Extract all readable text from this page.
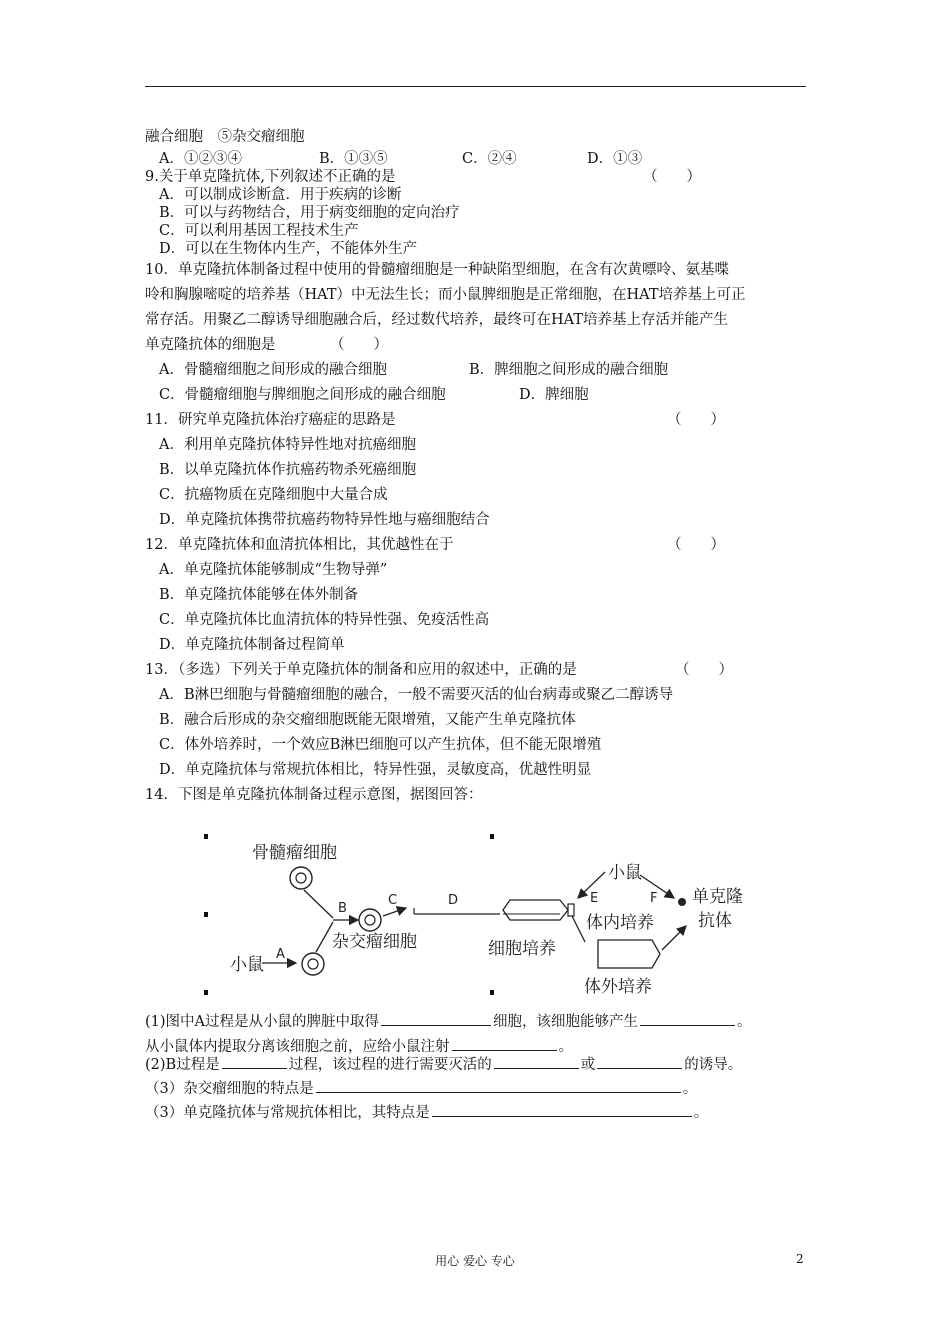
融合细胞　⑤杂交瘤细胞
A．①②③④	B．①③⑤	C．②④	D．①③
9.关于单克隆抗体,下列叙述不正确的是	（　　）
A．可以制成诊断盒．用于疾病的诊断
B．可以与药物结合，用于病变细胞的定向治疗
C．可以利用基因工程技术生产
D．可以在生物体内生产，不能体外生产
10．单克隆抗体制备过程中使用的骨髓瘤细胞是一种缺陷型细胞，在含有次黄嘌呤、氨基喋
呤和胸腺嘧啶的培养基（HAT）中无法生长；而小鼠脾细胞是正常细胞，在HAT培养基上可正
常存活。用聚乙二醇诱导细胞融合后，经过数代培养，最终可在HAT培养基上存活并能产生
单克隆抗体的细胞是	（　　）
A．骨髓瘤细胞之间形成的融合细胞	B．脾细胞之间形成的融合细胞
C．骨髓瘤细胞与脾细胞之间形成的融合细胞	D．脾细胞
11．研究单克隆抗体治疗癌症的思路是	（　　）
A．利用单克隆抗体特异性地对抗癌细胞
B．以单克隆抗体作抗癌药物杀死癌细胞
C．抗癌物质在克隆细胞中大量合成
D．单克隆抗体携带抗癌药物特异性地与癌细胞结合
12．单克隆抗体和血清抗体相比，其优越性在于	（　　）
A．单克隆抗体能够制成“生物导弹”
B．单克隆抗体能够在体外制备
C．单克隆抗体比血清抗体的特异性强、免疫活性高
D．单克隆抗体制备过程简单
13．（多选）下列关于单克隆抗体的制备和应用的叙述中，正确的是	（　　）
A．B淋巴细胞与骨髓瘤细胞的融合，一般不需要灭活的仙台病毒或聚乙二醇诱导
B．融合后形成的杂交瘤细胞既能无限增殖，又能产生单克隆抗体
C．体外培养时，一个效应B淋巴细胞可以产生抗体，但不能无限增殖
D．单克隆抗体与常规抗体相比，特异性强，灵敏度高，优越性明显
14．下图是单克隆抗体制备过程示意图，据图回答：
骨髓瘤细胞
小鼠
A
B
杂交瘤细胞
C	D
细胞培养
小鼠
E	F
体内培养
单克隆
抗体
体外培养
(1)图中A过程是从小鼠的脾脏中取得	细胞，该细胞能够产生	。
从小鼠体内提取分离该细胞之前，应给小鼠注射	。
(2)B过程是	过程，该过程的进行需要灭活的	或	的诱导。
（3）杂交瘤细胞的特点是	。
（3）单克隆抗体与常规抗体相比，其特点是	。
用心 爱心 专心	2
